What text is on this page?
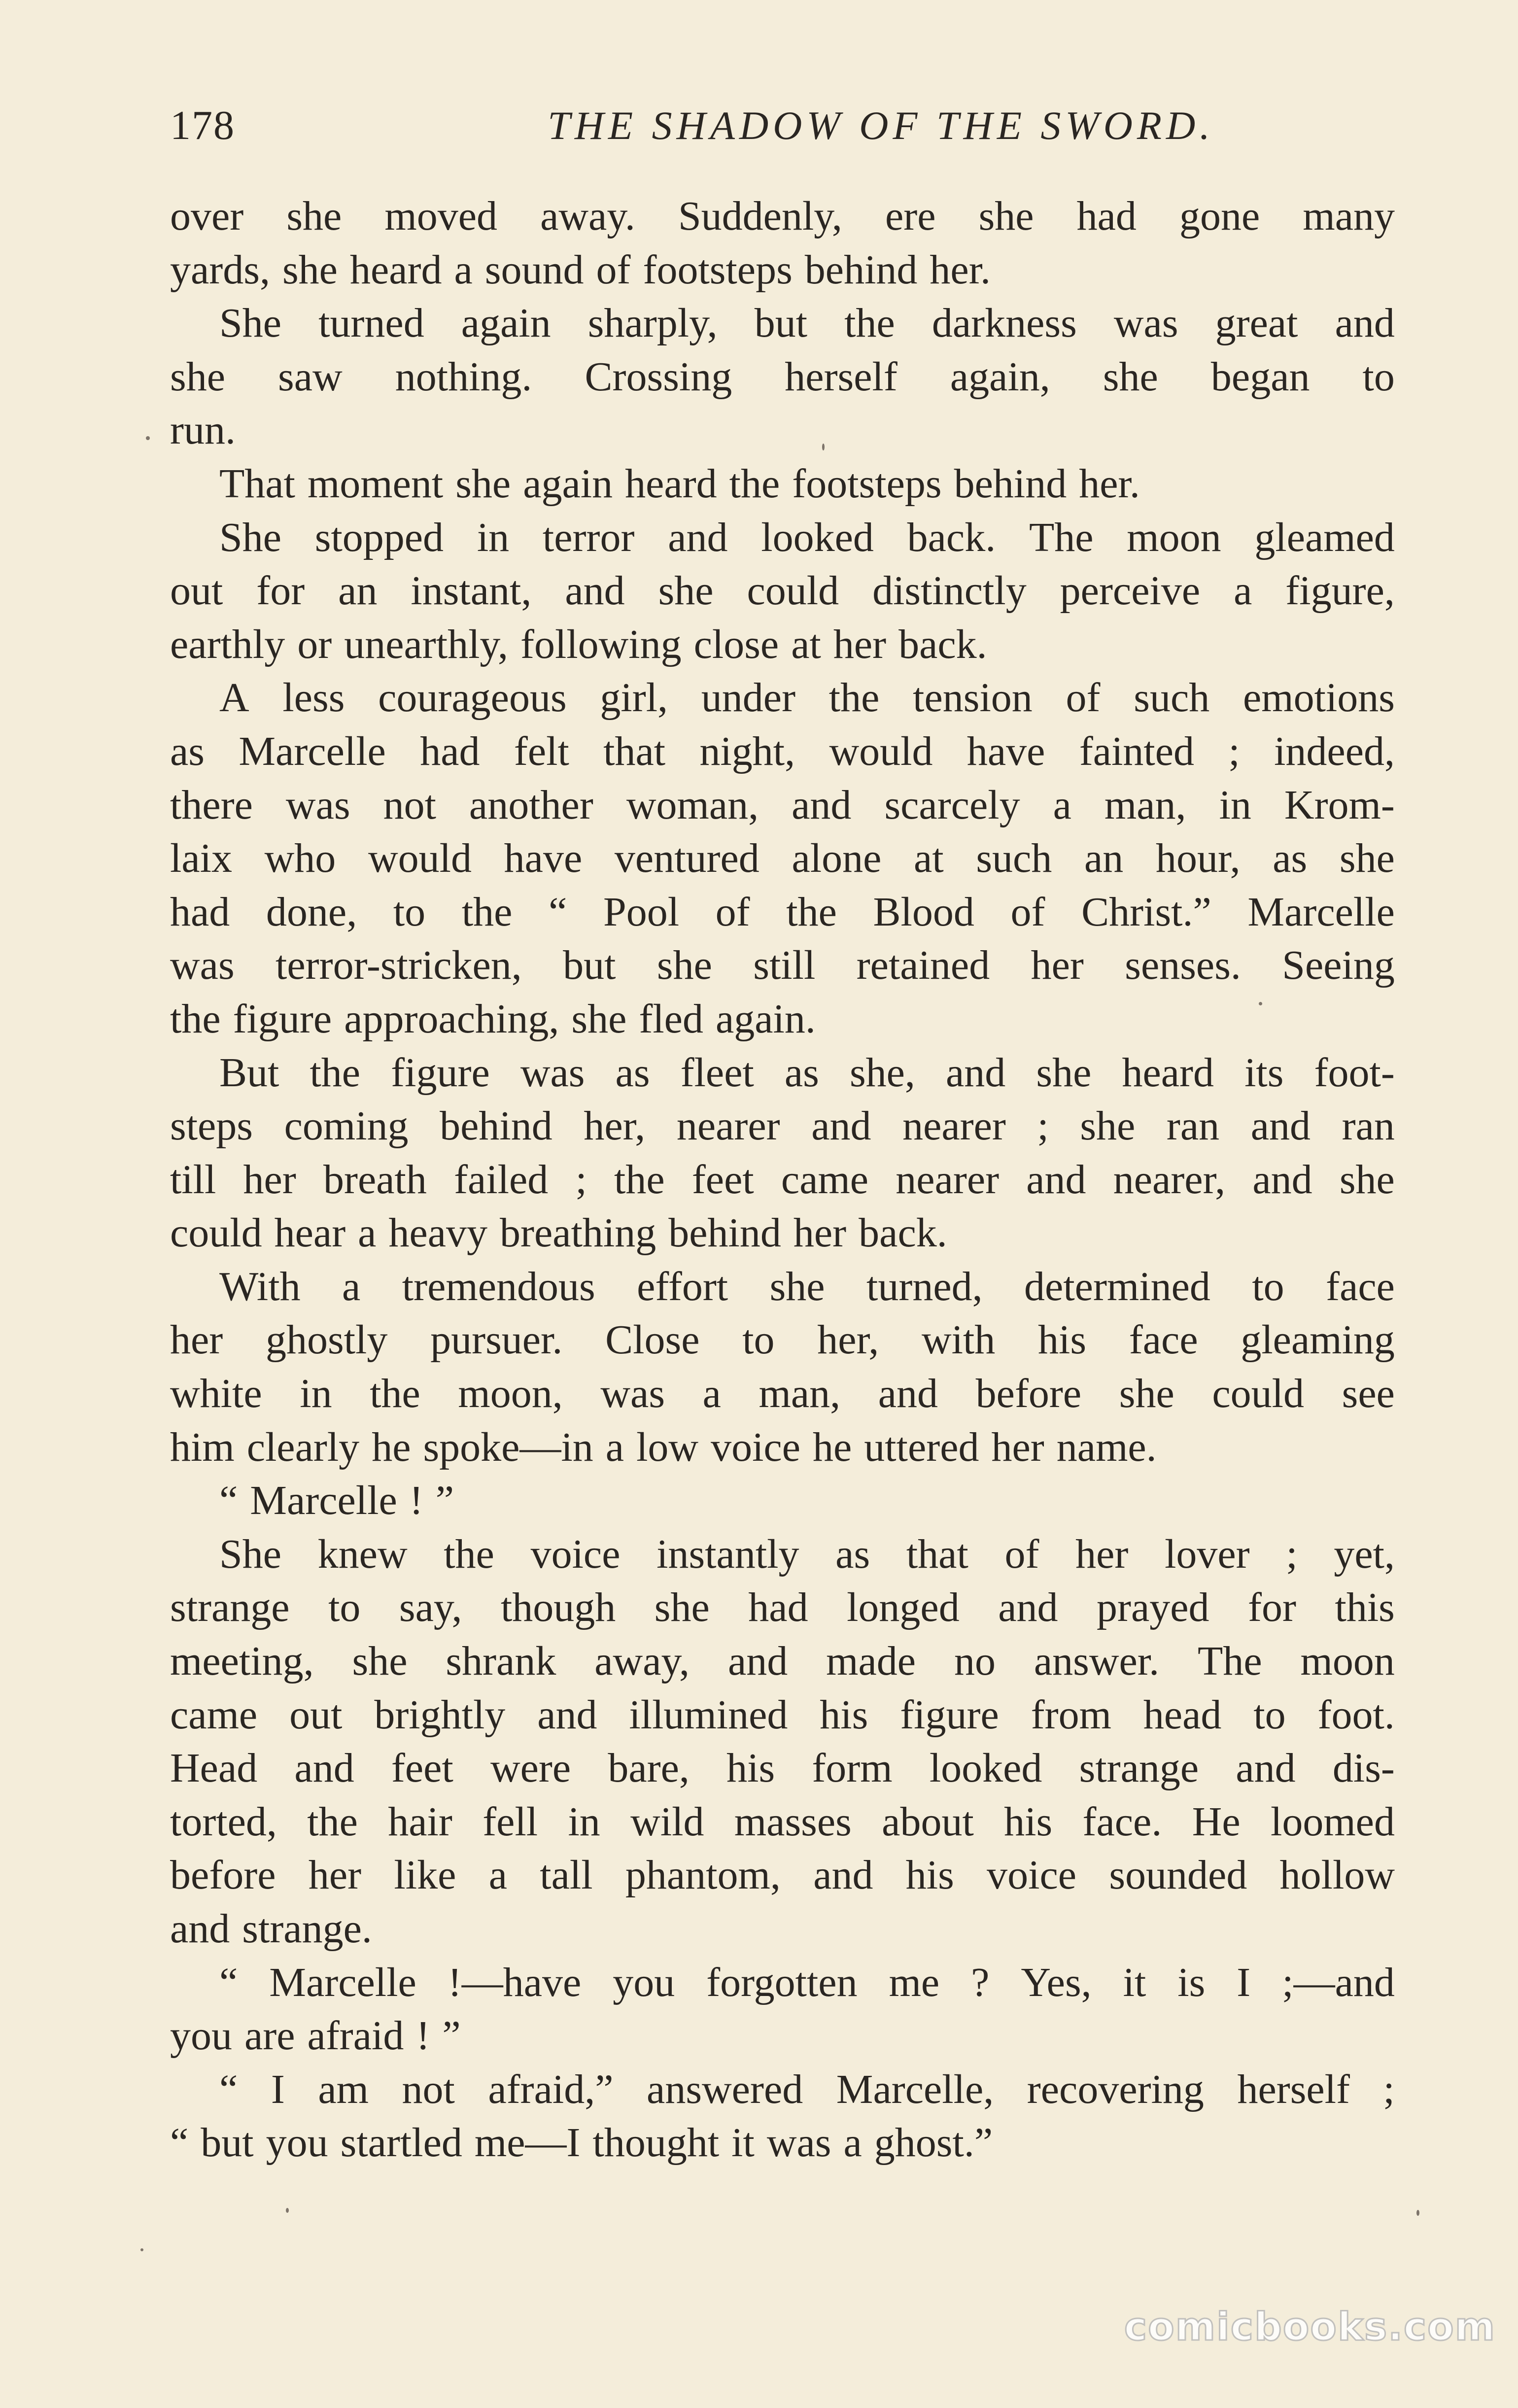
178	THE SHADOW OF THE SWORD.
over she moved away. Suddenly, ere she had gone many
yards, she heard a sound of footsteps behind her.
She turned again sharply, but the darkness was great and
she saw nothing. Crossing herself again, she began to
run.
That moment she again heard the footsteps behind her.
She stopped in terror and looked back. The moon gleamed
out for an instant, and she could distinctly perceive a figure,
earthly or unearthly, following close at her back.
A less courageous girl, under the tension of such emotions
as Marcelle had felt that night, would have fainted ; indeed,
there was not another woman, and scarcely a man, in Krom-
laix who would have ventured alone at such an hour, as she
had done, to the “ Pool of the Blood of Christ.” Marcelle
was terror-stricken, but she still retained her senses. Seeing
the figure approaching, she fled again.
But the figure was as fleet as she, and she heard its foot-
steps coming behind her, nearer and nearer ; she ran and ran
till her breath failed ; the feet came nearer and nearer, and she
could hear a heavy breathing behind her back.
With a tremendous effort she turned, determined to face
her ghostly pursuer. Close to her, with his face gleaming
white in the moon, was a man, and before she could see
him clearly he spoke—in a low voice he uttered her name.
“ Marcelle ! ”
She knew the voice instantly as that of her lover ; yet,
strange to say, though she had longed and prayed for this
meeting, she shrank away, and made no answer. The moon
came out brightly and illumined his figure from head to foot.
Head and feet were bare, his form looked strange and dis-
torted, the hair fell in wild masses about his face. He loomed
before her like a tall phantom, and his voice sounded hollow
and strange.
“ Marcelle !—have you forgotten me ? Yes, it is I ;—and
you are afraid ! ”
“ I am not afraid,” answered Marcelle, recovering herself ;
“ but you startled me—I thought it was a ghost.”
comicbooks.com
